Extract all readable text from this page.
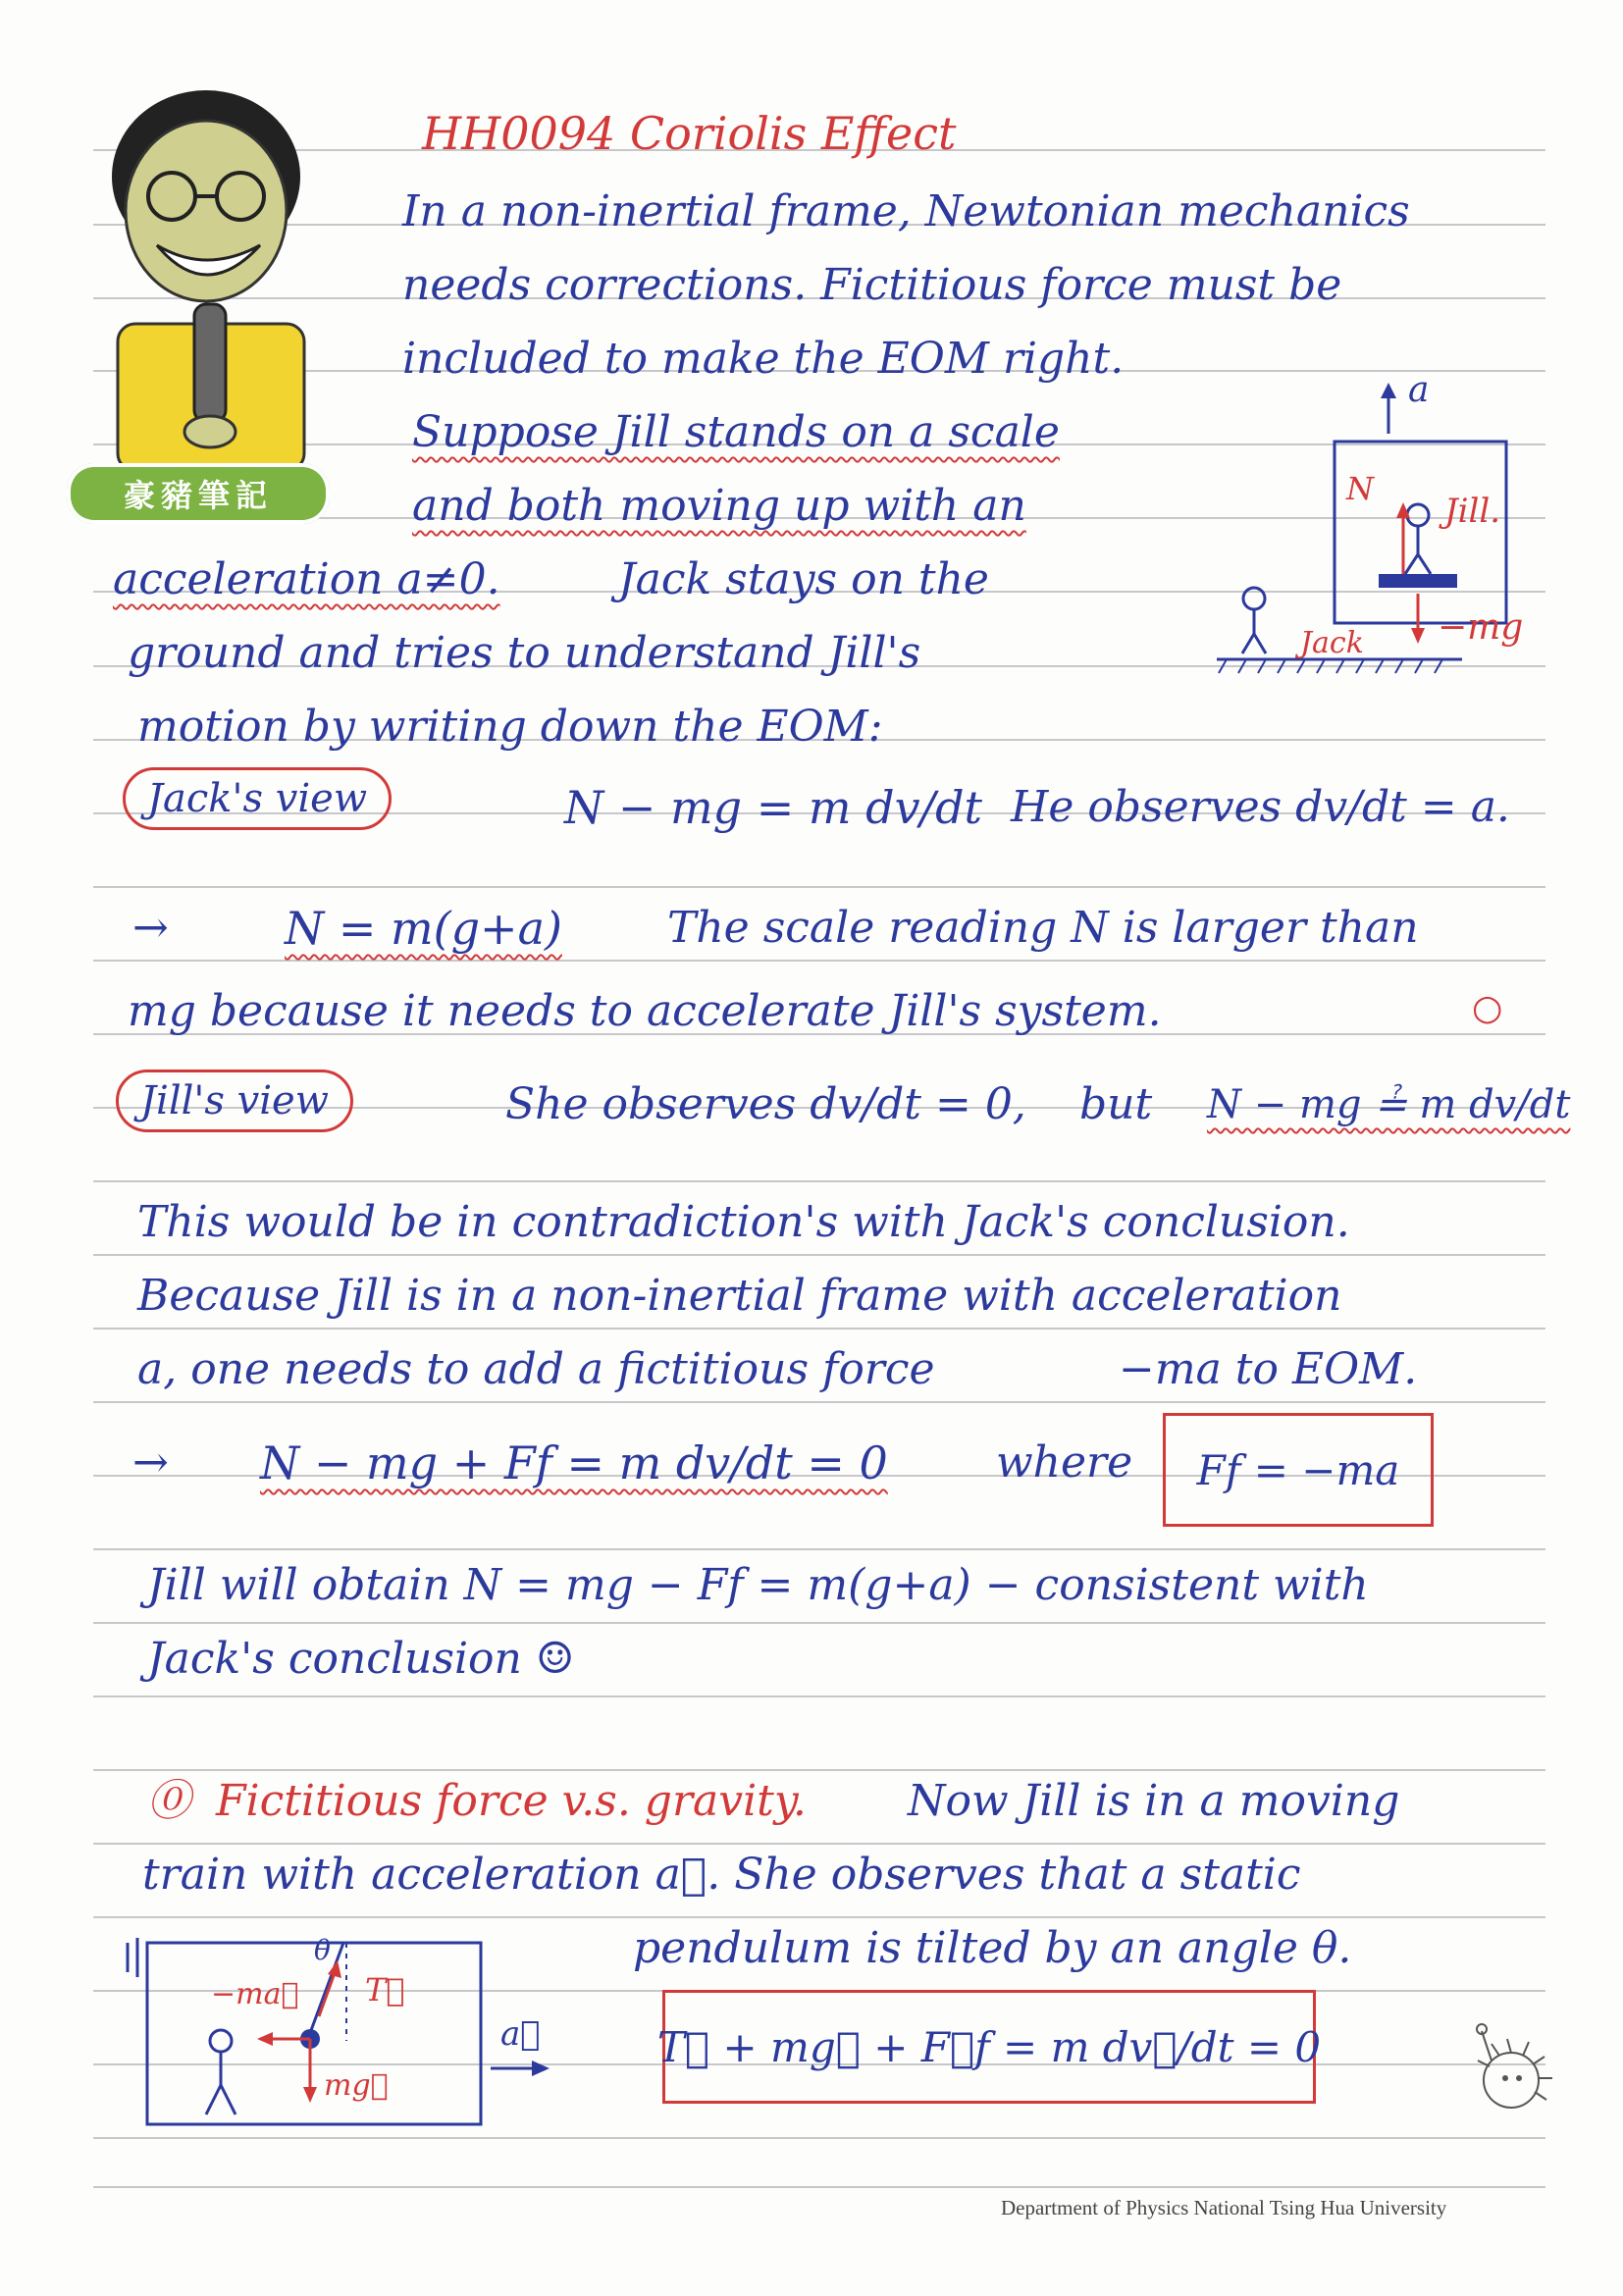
豪豬筆記
HH0094 Coriolis Effect
In a non-inertial frame, Newtonian mechanics
needs corrections. Fictitious force must be
included to make the EOM right.
Suppose Jill stands on a scale
and both moving up with an
acceleration a≠0.	Jack stays on the
ground and tries to understand Jill's
motion by writing down the EOM:
a
N
Jill.
Jack −mg
Jack's view	N − mg = m dv/dt He observes dv/dt = a.
→	N = m(g+a) The scale reading N is larger than
mg because it needs to accelerate Jill's system.	○
Jill's view	She observes dv/dt = 0, but N − mg ≟ m dv/dt
This would be in contradiction's with Jack's conclusion.
Because Jill is in a non-inertial frame with acceleration
a, one needs to add a fictitious force	−ma to EOM.
→ N − mg + Ff = m dv/dt = 0	where	Ff = −ma
Jill will obtain N = mg − Ff = m(g+a) − consistent with
Jack's conclusion ☺
⓪ Fictitious force v.s. gravity. Now Jill is in a moving
train with acceleration a⃗. She observes that a static
pendulum is tilted by an angle θ.
T⃗ + mg⃗ + F⃗f = m dv⃗/dt = 0
−ma⃗ T⃗
mg⃗
θ
a⃗
Department of Physics National Tsing Hua University
